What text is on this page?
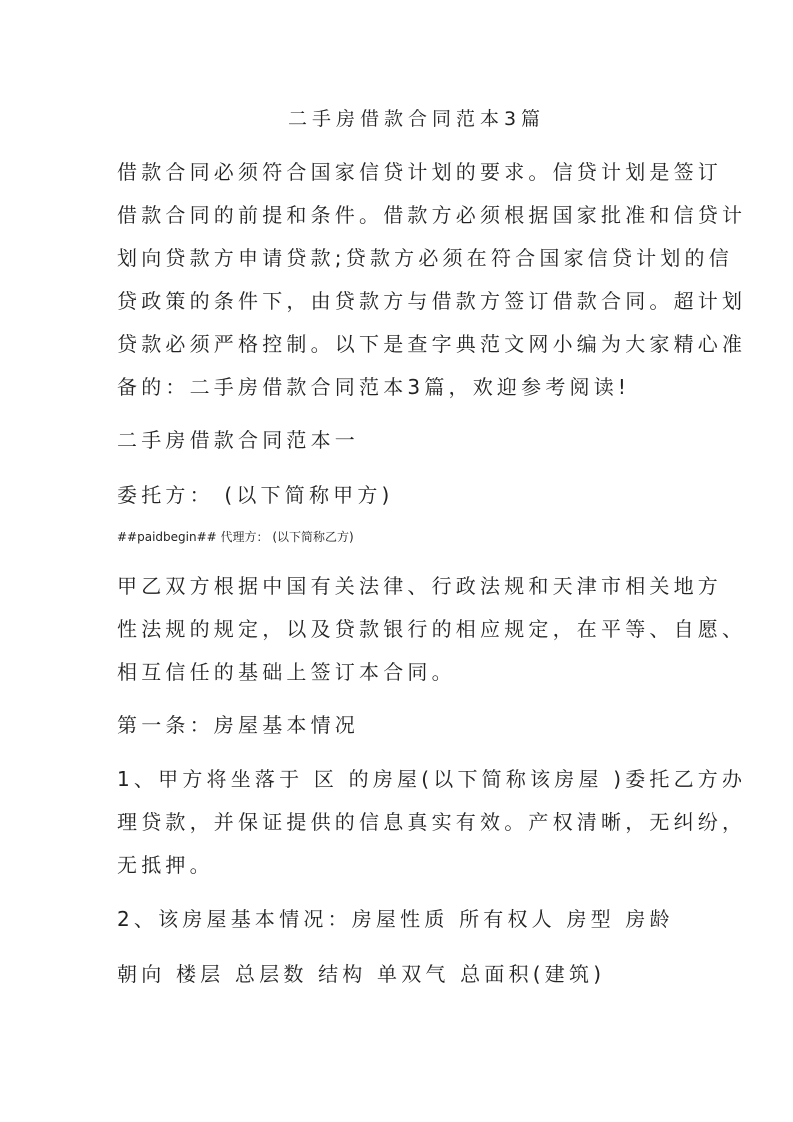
二手房借款合同范本3篇
借款合同必须符合国家信贷计划的要求。信贷计划是签订
借款合同的前提和条件。借款方必须根据国家批准和信贷计
划向贷款方申请贷款;贷款方必须在符合国家信贷计划的信
贷政策的条件下，由贷款方与借款方签订借款合同。超计划
贷款必须严格控制。以下是查字典范文网小编为大家精心准
备的：二手房借款合同范本3篇，欢迎参考阅读!
二手房借款合同范本一
委托方： (以下简称甲方)
##paidbegin## 代理方： (以下简称乙方)
甲乙双方根据中国有关法律、行政法规和天津市相关地方
性法规的规定，以及贷款银行的相应规定，在平等、自愿、
相互信任的基础上签订本合同。
第一条：房屋基本情况
1、甲方将坐落于 区 的房屋(以下简称该房屋 )委托乙方办
理贷款，并保证提供的信息真实有效。产权清晰，无纠纷，
无抵押。
2、该房屋基本情况：房屋性质 所有权人 房型 房龄
朝向 楼层 总层数 结构 单双气 总面积(建筑)
